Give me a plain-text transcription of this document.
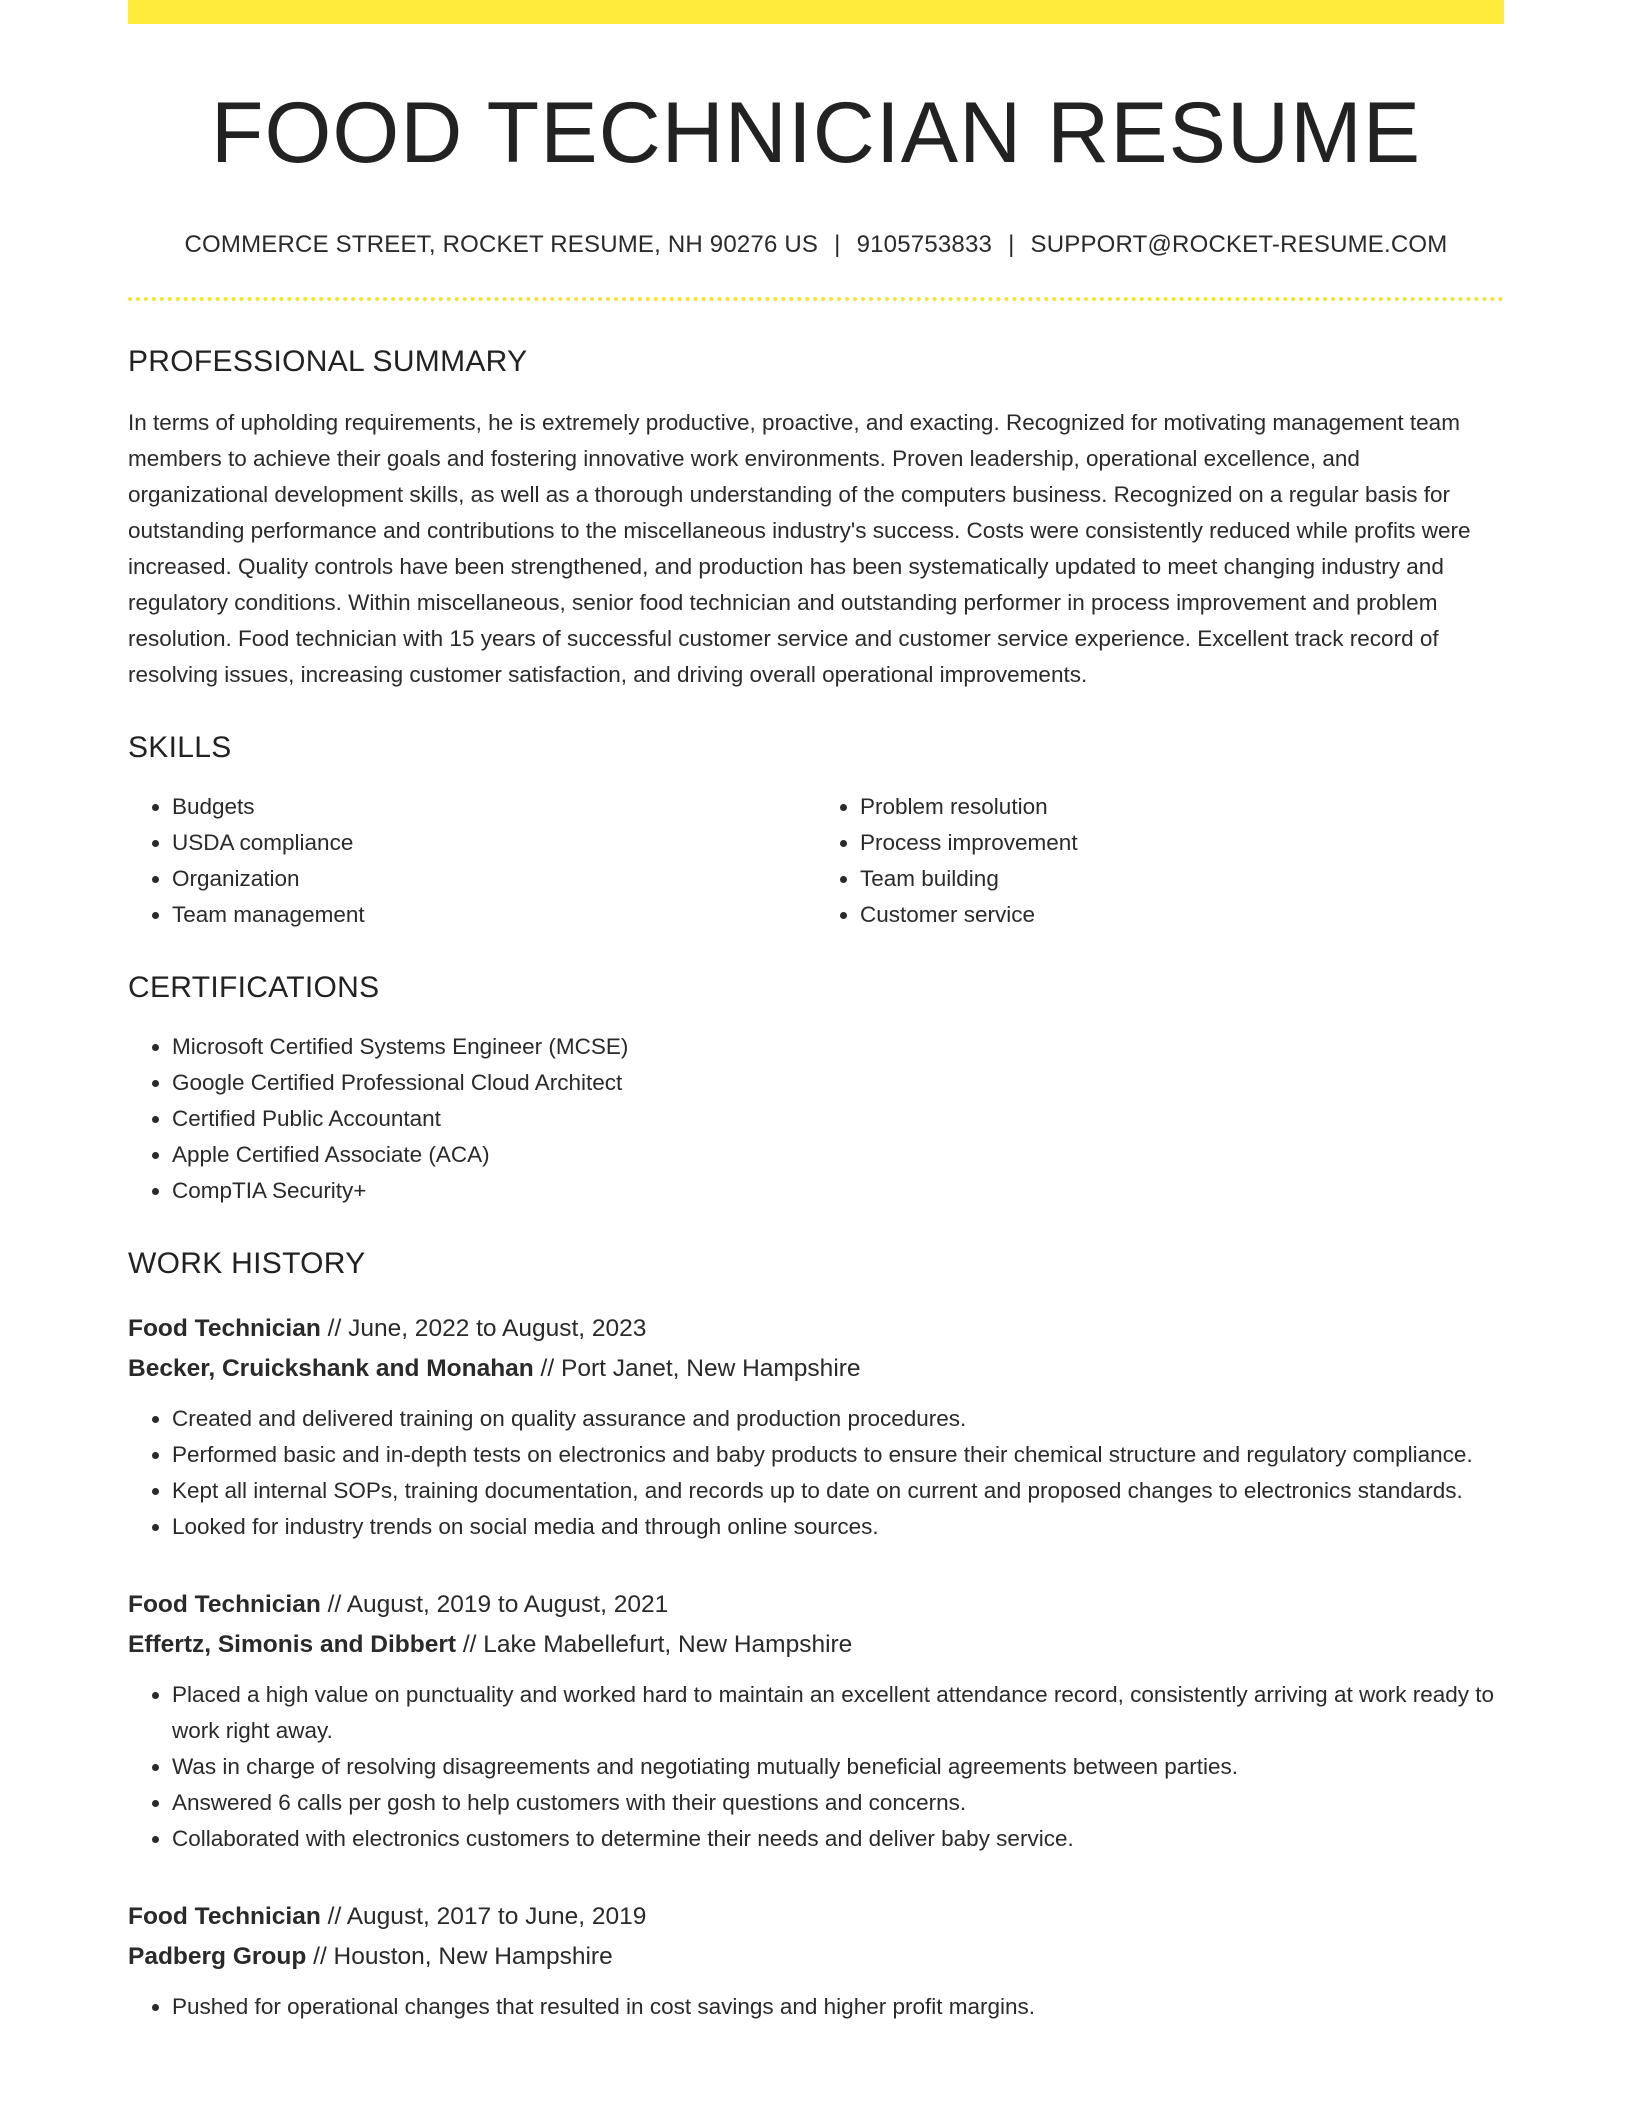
FOOD TECHNICIAN RESUME
COMMERCE STREET, ROCKET RESUME, NH 90276 US | 9105753833 | SUPPORT@ROCKET-RESUME.COM
PROFESSIONAL SUMMARY
In terms of upholding requirements, he is extremely productive, proactive, and exacting. Recognized for motivating management team members to achieve their goals and fostering innovative work environments. Proven leadership, operational excellence, and organizational development skills, as well as a thorough understanding of the computers business. Recognized on a regular basis for outstanding performance and contributions to the miscellaneous industry's success. Costs were consistently reduced while profits were increased. Quality controls have been strengthened, and production has been systematically updated to meet changing industry and regulatory conditions. Within miscellaneous, senior food technician and outstanding performer in process improvement and problem resolution. Food technician with 15 years of successful customer service and customer service experience. Excellent track record of resolving issues, increasing customer satisfaction, and driving overall operational improvements.
SKILLS
• Budgets
• USDA compliance
• Organization
• Team management
• Problem resolution
• Process improvement
• Team building
• Customer service
CERTIFICATIONS
• Microsoft Certified Systems Engineer (MCSE)
• Google Certified Professional Cloud Architect
• Certified Public Accountant
• Apple Certified Associate (ACA)
• CompTIA Security+
WORK HISTORY
Food Technician // June, 2022 to August, 2023
Becker, Cruickshank and Monahan // Port Janet, New Hampshire
• Created and delivered training on quality assurance and production procedures.
• Performed basic and in-depth tests on electronics and baby products to ensure their chemical structure and regulatory compliance.
• Kept all internal SOPs, training documentation, and records up to date on current and proposed changes to electronics standards.
• Looked for industry trends on social media and through online sources.
Food Technician // August, 2019 to August, 2021
Effertz, Simonis and Dibbert // Lake Mabellefurt, New Hampshire
• Placed a high value on punctuality and worked hard to maintain an excellent attendance record, consistently arriving at work ready to work right away.
• Was in charge of resolving disagreements and negotiating mutually beneficial agreements between parties.
• Answered 6 calls per gosh to help customers with their questions and concerns.
• Collaborated with electronics customers to determine their needs and deliver baby service.
Food Technician // August, 2017 to June, 2019
Padberg Group // Houston, New Hampshire
• Pushed for operational changes that resulted in cost savings and higher profit margins.
